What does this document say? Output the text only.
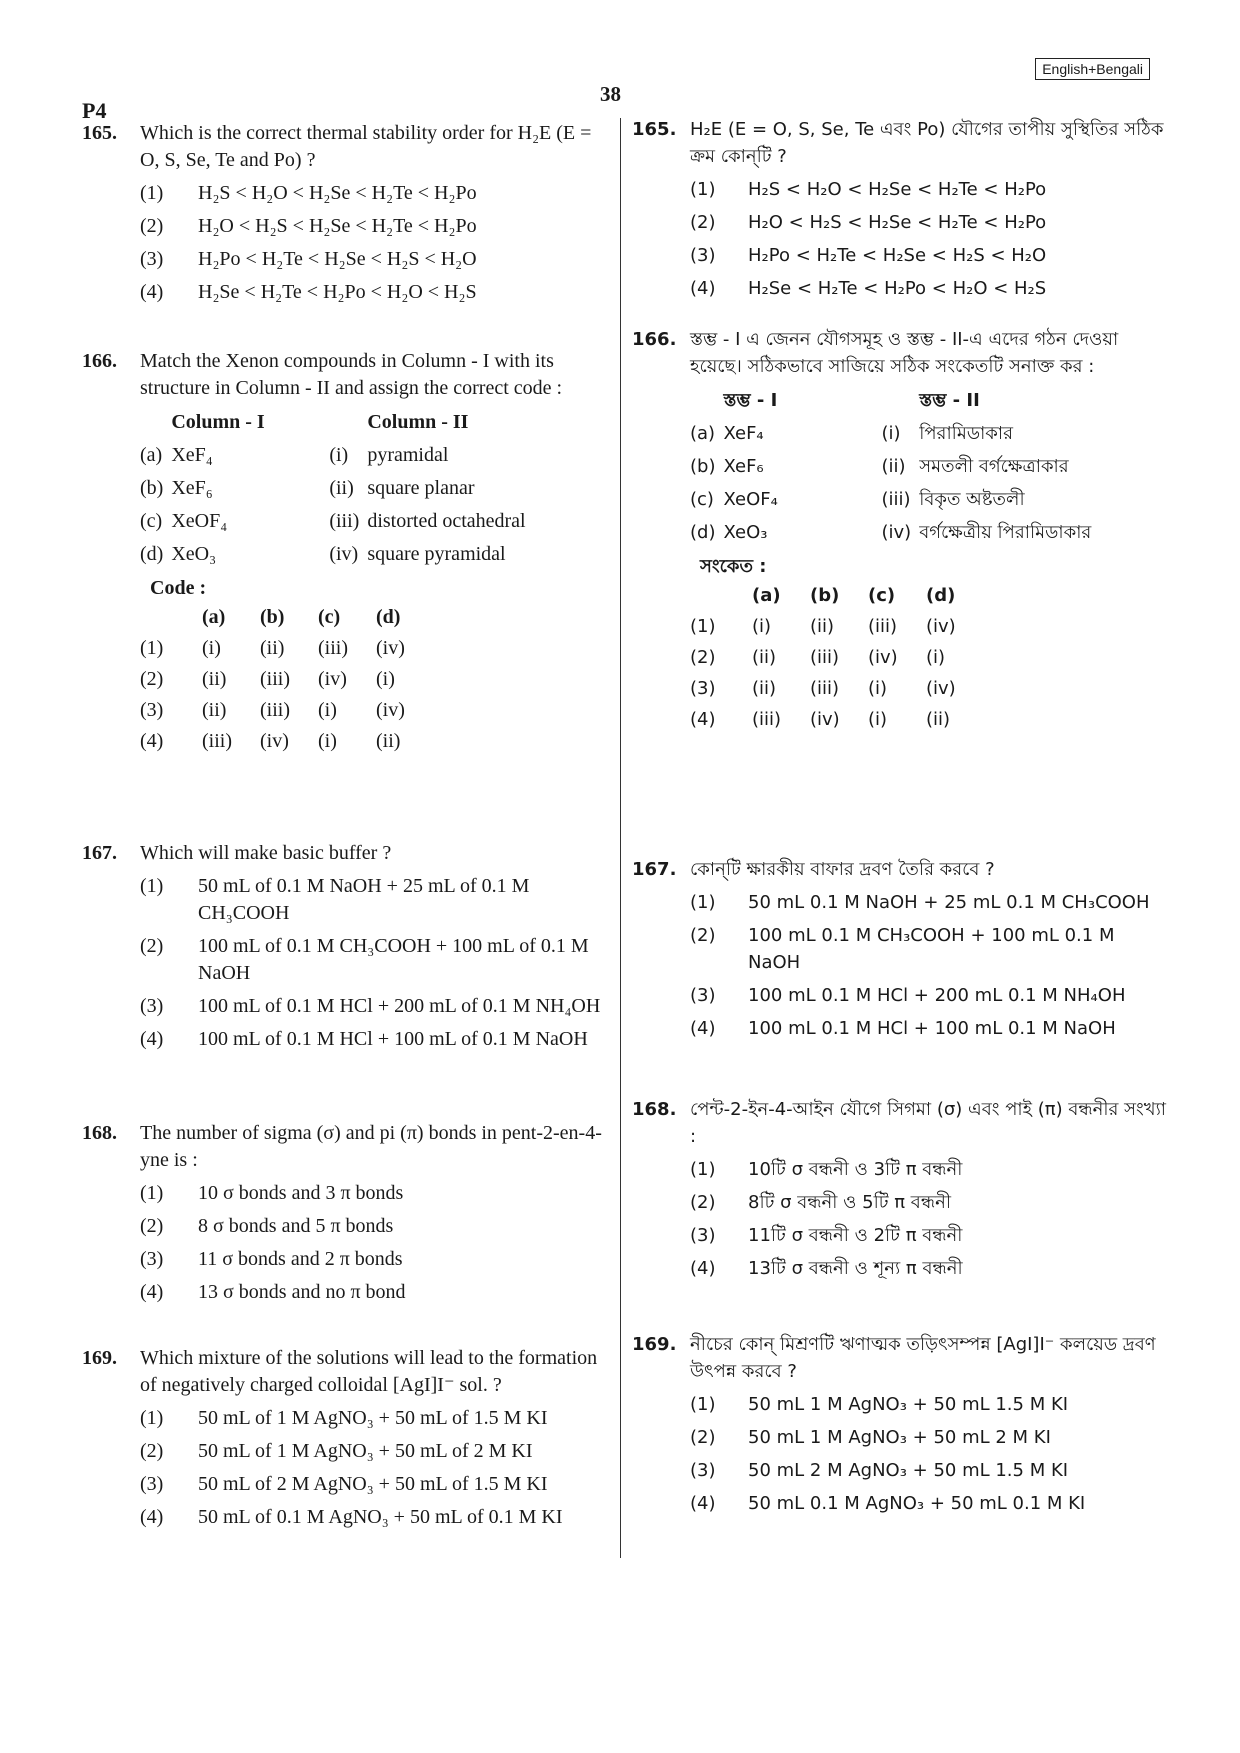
English+Bengali
38
P4
165.	Which is the correct thermal stability order for H₂E (E = O, S, Se, Te and Po) ?
(1)	H₂S < H₂O < H₂Se < H₂Te < H₂Po
(2)	H₂O < H₂S < H₂Se < H₂Te < H₂Po
(3)	H₂Po < H₂Te < H₂Se < H₂S < H₂O
(4)	H₂Se < H₂Te < H₂Po < H₂O < H₂S
166.	Match the Xenon compounds in Column - I with its structure in Column - II and assign the correct code :
	Column - I		Column - II
(a)	XeF₄	(i)	pyramidal
(b)	XeF₆	(ii)	square planar
(c)	XeOF₄	(iii)	distorted octahedral
(d)	XeO₃	(iv)	square pyramidal
Code :
	(a)	(b)	(c)	(d)
(1)	(i)	(ii)	(iii)	(iv)
(2)	(ii)	(iii)	(iv)	(i)
(3)	(ii)	(iii)	(i)	(iv)
(4)	(iii)	(iv)	(i)	(ii)
167.	Which will make basic buffer ?
(1)	50 mL of 0.1 M NaOH + 25 mL of 0.1 M CH₃COOH
(2)	100 mL of 0.1 M CH₃COOH + 100 mL of 0.1 M NaOH
(3)	100 mL of 0.1 M HCl + 200 mL of 0.1 M NH₄OH
(4)	100 mL of 0.1 M HCl + 100 mL of 0.1 M NaOH
168.	The number of sigma (σ) and pi (π) bonds in pent-2-en-4-yne is :
(1)	10 σ bonds and 3 π bonds
(2)	8 σ bonds and 5 π bonds
(3)	11 σ bonds and 2 π bonds
(4)	13 σ bonds and no π bond
169.	Which mixture of the solutions will lead to the formation of negatively charged colloidal [AgI]I⁻ sol. ?
(1)	50 mL of 1 M AgNO₃ + 50 mL of 1.5 M KI
(2)	50 mL of 1 M AgNO₃ + 50 mL of 2 M KI
(3)	50 mL of 2 M AgNO₃ + 50 mL of 1.5 M KI
(4)	50 mL of 0.1 M AgNO₃ + 50 mL of 0.1 M KI
165. H₂E (E = O, S, Se, Te এবং Po) যৌগের তাপীয় সুস্থিতির সঠিক ক্রম কোন্‌টি ?
(1)	H₂S < H₂O < H₂Se < H₂Te < H₂Po
(2)	H₂O < H₂S < H₂Se < H₂Te < H₂Po
(3)	H₂Po < H₂Te < H₂Se < H₂S < H₂O
(4)	H₂Se < H₂Te < H₂Po < H₂O < H₂S
166. স্তম্ভ - I এ জেনন যৌগসমূহ ও স্তম্ভ - II-এ এদের গঠন দেওয়া হয়েছে। সঠিকভাবে সাজিয়ে সঠিক সংকেতটি সনাক্ত কর :
	স্তম্ভ - I		স্তম্ভ - II
(a)	XeF₄	(i)	পিরামিডাকার
(b)	XeF₆	(ii)	সমতলী বর্গক্ষেত্রাকার
(c)	XeOF₄	(iii)	বিকৃত অষ্টতলী
(d)	XeO₃	(iv)	বর্গক্ষেত্রীয় পিরামিডাকার
সংকেত :
	(a)	(b)	(c)	(d)
(1)	(i)	(ii)	(iii)	(iv)
(2)	(ii)	(iii)	(iv)	(i)
(3)	(ii)	(iii)	(i)	(iv)
(4)	(iii)	(iv)	(i)	(ii)
167. কোন্‌টি ক্ষারকীয় বাফার দ্রবণ তৈরি করবে ?
(1)	50 mL 0.1 M NaOH + 25 mL 0.1 M CH₃COOH
(2)	100 mL 0.1 M CH₃COOH + 100 mL 0.1 M NaOH
(3)	100 mL 0.1 M HCl + 200 mL 0.1 M NH₄OH
(4)	100 mL 0.1 M HCl + 100 mL 0.1 M NaOH
168. পেন্ট-2-ইন-4-আইন যৌগে সিগমা (σ) এবং পাই (π) বন্ধনীর সংখ্যা :
(1)	10টি σ বন্ধনী ও 3টি π বন্ধনী
(2)	8টি σ বন্ধনী ও 5টি π বন্ধনী
(3)	11টি σ বন্ধনী ও 2টি π বন্ধনী
(4)	13টি σ বন্ধনী ও শূন্য π বন্ধনী
169. নীচের কোন্‌ মিশ্রণটি ঋণাত্মক তড়িৎসম্পন্ন [AgI]I⁻ কলয়েড দ্রবণ উৎপন্ন করবে ?
(1)	50 mL 1 M AgNO₃ + 50 mL 1.5 M KI
(2)	50 mL 1 M AgNO₃ + 50 mL 2 M KI
(3)	50 mL 2 M AgNO₃ + 50 mL 1.5 M KI
(4)	50 mL 0.1 M AgNO₃ + 50 mL 0.1 M KI
